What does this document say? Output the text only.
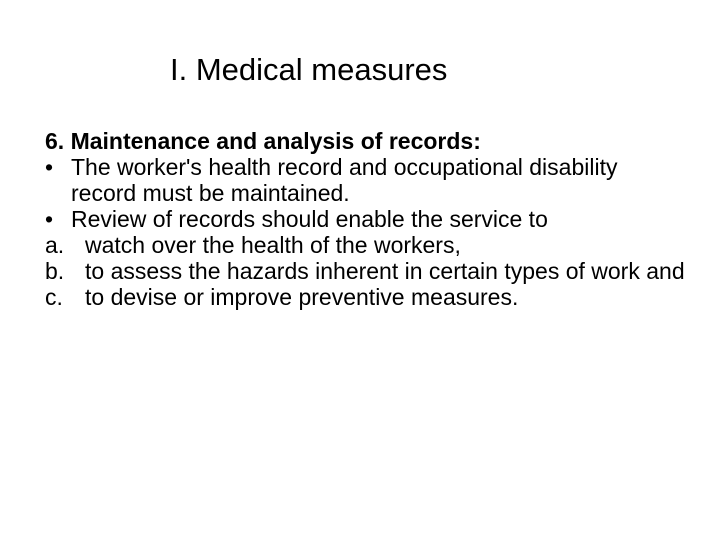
I. Medical measures
6. Maintenance and analysis of records:
• The worker's health record and occupational disability record must be maintained.
• Review of records should enable the service to
a. watch over the health of the workers,
b. to assess the hazards inherent in certain types of work and
c. to devise or improve preventive measures.
